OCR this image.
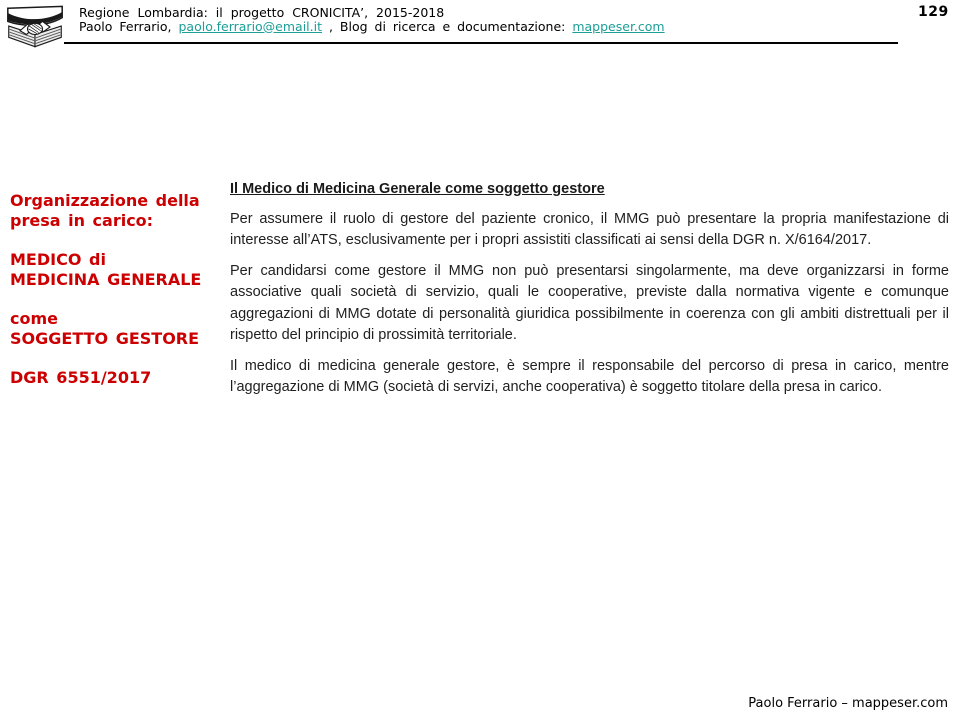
Regione Lombardia: il progetto CRONICITA’, 2015-2018
Paolo Ferrario, paolo.ferrario@email.it , Blog di ricerca e documentazione: mappeser.com
129

Organizzazione della
presa in carico:

MEDICO di
MEDICINA GENERALE

come
SOGGETTO GESTORE

DGR 6551/2017

Il Medico di Medicina Generale come soggetto gestore

Per assumere il ruolo di gestore del paziente cronico, il MMG può presentare la propria manifestazione di interesse all’ATS, esclusivamente per i propri assistiti classificati ai sensi della DGR n. X/6164/2017.

Per candidarsi come gestore il MMG non può presentarsi singolarmente, ma deve organizzarsi in forme associative quali società di servizio, quali le cooperative, previste dalla normativa vigente e comunque aggregazioni di MMG dotate di personalità giuridica possibilmente in coerenza con gli ambiti distrettuali per il rispetto del principio di prossimità territoriale.

Il medico di medicina generale gestore, è sempre il responsabile del percorso di presa in carico, mentre l’aggregazione di MMG (società di servizi, anche cooperativa) è soggetto titolare della presa in carico.

Paolo Ferrario – mappeser.com
